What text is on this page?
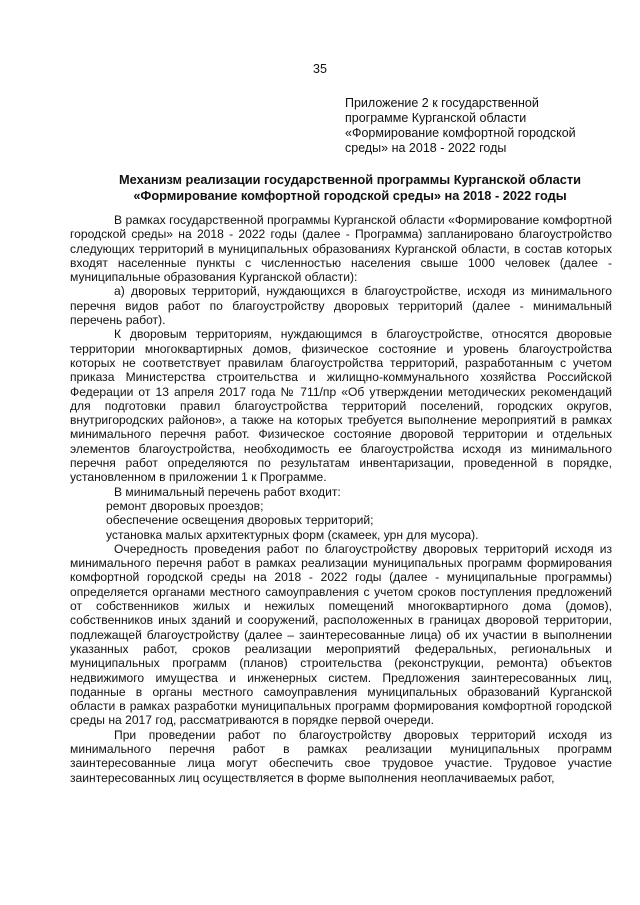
35
Приложение 2 к государственной
программе Курганской области
«Формирование комфортной городской
среды» на 2018 - 2022 годы
Механизм реализации государственной программы Курганской области
«Формирование комфортной городской среды» на 2018 - 2022 годы

В рамках государственной программы Курганской области «Формирование комфортной городской среды» на 2018 - 2022 годы (далее - Программа) запланировано благоустройство следующих территорий в муниципальных образованиях Курганской области, в состав которых входят населенные пункты с численностью населения свыше 1000 человек (далее - муниципальные образования Курганской области):

а) дворовых территорий, нуждающихся в благоустройстве, исходя из минимального перечня видов работ по благоустройству дворовых территорий (далее - минимальный перечень работ).

К дворовым территориям, нуждающимся в благоустройстве, относятся дворовые территории многоквартирных домов, физическое состояние и уровень благоустройства которых не соответствует правилам благоустройства территорий, разработанным с учетом приказа Министерства строительства и жилищно-коммунального хозяйства Российской Федерации от 13 апреля 2017 года № 711/пр «Об утверждении методических рекомендаций для подготовки правил благоустройства территорий поселений, городских округов, внутригородских районов», а также на которых требуется выполнение мероприятий в рамках минимального перечня работ. Физическое состояние дворовой территории и отдельных элементов благоустройства, необходимость ее благоустройства исходя из минимального перечня работ определяются по результатам инвентаризации, проведенной в порядке, установленном в приложении 1 к Программе.

В минимальный перечень работ входит:

ремонт дворовых проездов;

обеспечение освещения дворовых территорий;

установка малых архитектурных форм (скамеек, урн для мусора).

Очередность проведения работ по благоустройству дворовых территорий исходя из минимального перечня работ в рамках реализации муниципальных программ формирования комфортной городской среды на 2018 - 2022 годы (далее - муниципальные программы) определяется органами местного самоуправления с учетом сроков поступления предложений от собственников жилых и нежилых помещений многоквартирного дома (домов), собственников иных зданий и сооружений, расположенных в границах дворовой территории, подлежащей благоустройству (далее – заинтересованные лица) об их участии в выполнении указанных работ, сроков реализации мероприятий федеральных, региональных и муниципальных программ (планов) строительства (реконструкции, ремонта) объектов недвижимого имущества и инженерных систем. Предложения заинтересованных лиц, поданные в органы местного самоуправления муниципальных образований Курганской области в рамках разработки муниципальных программ формирования комфортной городской среды на 2017 год, рассматриваются в порядке первой очереди.

При проведении работ по благоустройству дворовых территорий исходя из минимального перечня работ в рамках реализации муниципальных программ заинтересованные лица могут обеспечить свое трудовое участие. Трудовое участие заинтересованных лиц осуществляется в форме выполнения неоплачиваемых работ,
